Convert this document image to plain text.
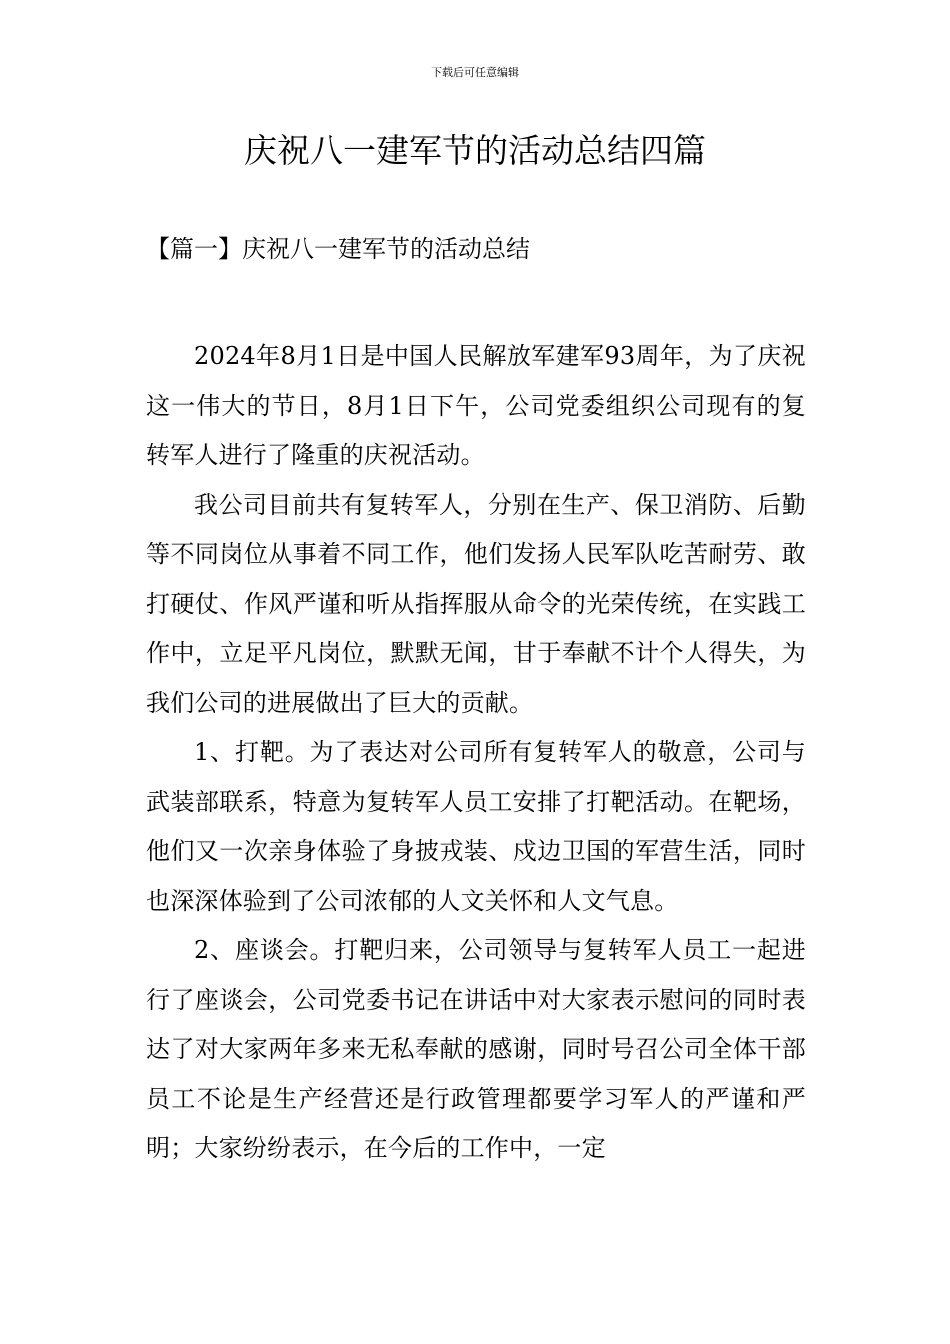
下载后可任意编辑
庆祝八一建军节的活动总结四篇
【篇一】庆祝八一建军节的活动总结

2024年8月1日是中国人民解放军建军93周年，为了庆祝这一伟大的节日，8月1日下午，公司党委组织公司现有的复转军人进行了隆重的庆祝活动。

我公司目前共有复转军人，分别在生产、保卫消防、后勤等不同岗位从事着不同工作，他们发扬人民军队吃苦耐劳、敢打硬仗、作风严谨和听从指挥服从命令的光荣传统，在实践工作中，立足平凡岗位，默默无闻，甘于奉献不计个人得失，为我们公司的进展做出了巨大的贡献。

1、打靶。为了表达对公司所有复转军人的敬意，公司与武装部联系，特意为复转军人员工安排了打靶活动。在靶场，他们又一次亲身体验了身披戎装、戍边卫国的军营生活，同时也深深体验到了公司浓郁的人文关怀和人文气息。

2、座谈会。打靶归来，公司领导与复转军人员工一起进行了座谈会，公司党委书记在讲话中对大家表示慰问的同时表达了对大家两年多来无私奉献的感谢，同时号召公司全体干部员工不论是生产经营还是行政管理都要学习军人的严谨和严明；大家纷纷表示，在今后的工作中，一定
